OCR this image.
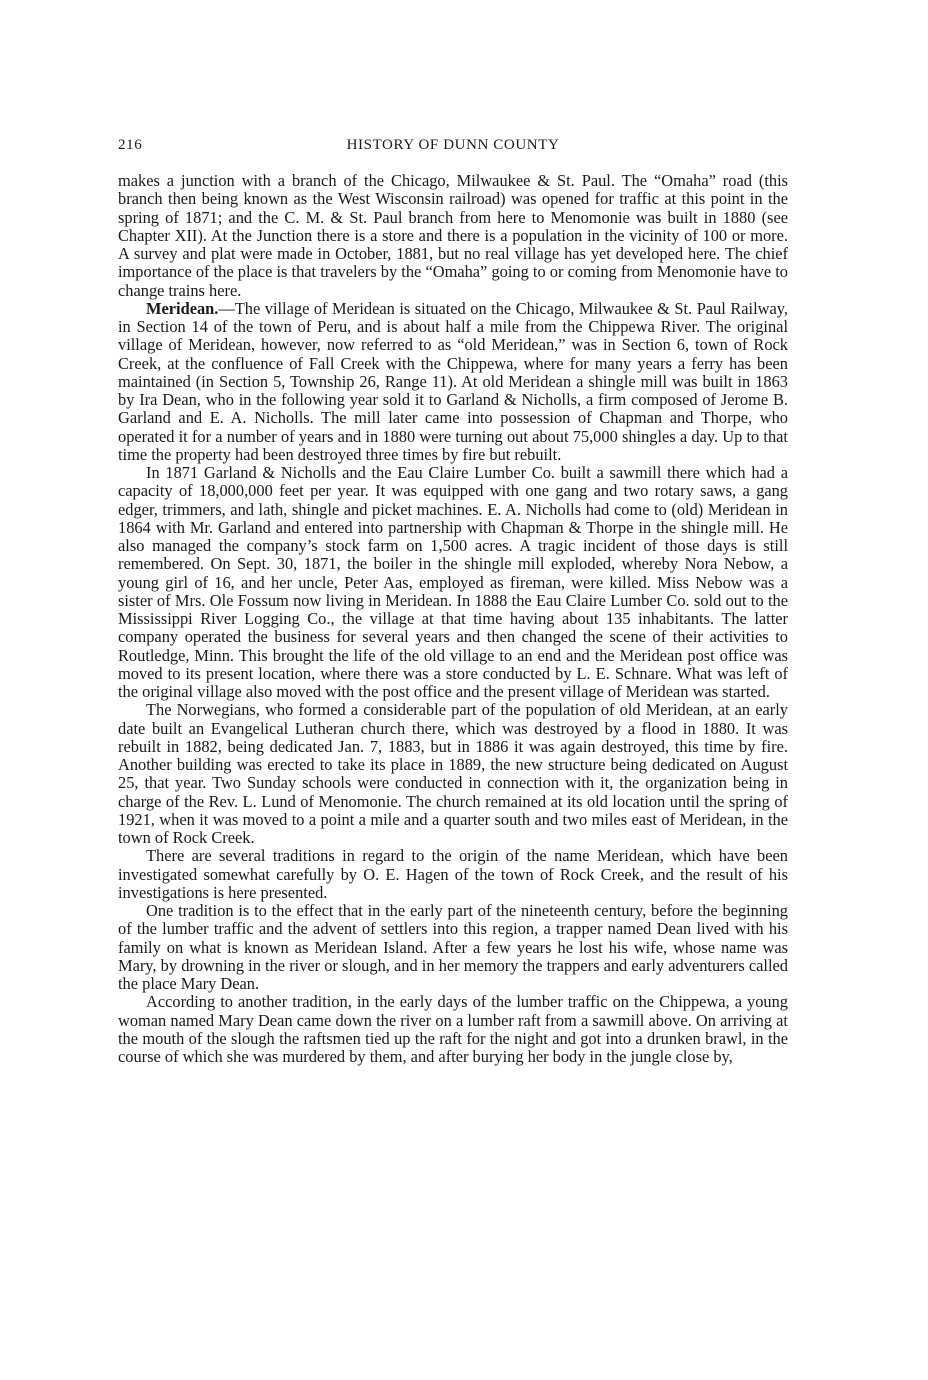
216	HISTORY OF DUNN COUNTY

makes a junction with a branch of the Chicago, Milwaukee & St. Paul. The “Omaha” road (this branch then being known as the West Wisconsin railroad) was opened for traffic at this point in the spring of 1871; and the C. M. & St. Paul branch from here to Menomonie was built in 1880 (see Chapter XII). At the Junction there is a store and there is a population in the vicinity of 100 or more. A survey and plat were made in October, 1881, but no real village has yet developed here. The chief importance of the place is that travelers by the “Omaha” going to or coming from Menomonie have to change trains here.

Meridean.—The village of Meridean is situated on the Chicago, Milwaukee & St. Paul Railway, in Section 14 of the town of Peru, and is about half a mile from the Chippewa River. The original village of Meridean, however, now referred to as “old Meridean,” was in Section 6, town of Rock Creek, at the confluence of Fall Creek with the Chippewa, where for many years a ferry has been maintained (in Section 5, Township 26, Range 11). At old Meridean a shingle mill was built in 1863 by Ira Dean, who in the following year sold it to Garland & Nicholls, a firm composed of Jerome B. Garland and E. A. Nicholls. The mill later came into possession of Chapman and Thorpe, who operated it for a number of years and in 1880 were turning out about 75,000 shingles a day. Up to that time the property had been destroyed three times by fire but rebuilt.

In 1871 Garland & Nicholls and the Eau Claire Lumber Co. built a sawmill there which had a capacity of 18,000,000 feet per year. It was equipped with one gang and two rotary saws, a gang edger, trimmers, and lath, shingle and picket machines. E. A. Nicholls had come to (old) Meridean in 1864 with Mr. Garland and entered into partnership with Chapman & Thorpe in the shingle mill. He also managed the company’s stock farm on 1,500 acres. A tragic incident of those days is still remembered. On Sept. 30, 1871, the boiler in the shingle mill exploded, whereby Nora Nebow, a young girl of 16, and her uncle, Peter Aas, employed as fireman, were killed. Miss Nebow was a sister of Mrs. Ole Fossum now living in Meridean. In 1888 the Eau Claire Lumber Co. sold out to the Mississippi River Logging Co., the village at that time having about 135 inhabitants. The latter company operated the business for several years and then changed the scene of their activities to Routledge, Minn. This brought the life of the old village to an end and the Meridean post office was moved to its present location, where there was a store conducted by L. E. Schnare. What was left of the original village also moved with the post office and the present village of Meridean was started.

The Norwegians, who formed a considerable part of the population of old Meridean, at an early date built an Evangelical Lutheran church there, which was destroyed by a flood in 1880. It was rebuilt in 1882, being dedicated Jan. 7, 1883, but in 1886 it was again destroyed, this time by fire. Another building was erected to take its place in 1889, the new structure being dedicated on August 25, that year. Two Sunday schools were conducted in connection with it, the organization being in charge of the Rev. L. Lund of Menomonie. The church remained at its old location until the spring of 1921, when it was moved to a point a mile and a quarter south and two miles east of Meridean, in the town of Rock Creek.

There are several traditions in regard to the origin of the name Meridean, which have been investigated somewhat carefully by O. E. Hagen of the town of Rock Creek, and the result of his investigations is here presented.

One tradition is to the effect that in the early part of the nineteenth century, before the beginning of the lumber traffic and the advent of settlers into this region, a trapper named Dean lived with his family on what is known as Meridean Island. After a few years he lost his wife, whose name was Mary, by drowning in the river or slough, and in her memory the trappers and early adventurers called the place Mary Dean.

According to another tradition, in the early days of the lumber traffic on the Chippewa, a young woman named Mary Dean came down the river on a lumber raft from a sawmill above. On arriving at the mouth of the slough the raftsmen tied up the raft for the night and got into a drunken brawl, in the course of which she was murdered by them, and after burying her body in the jungle close by,
